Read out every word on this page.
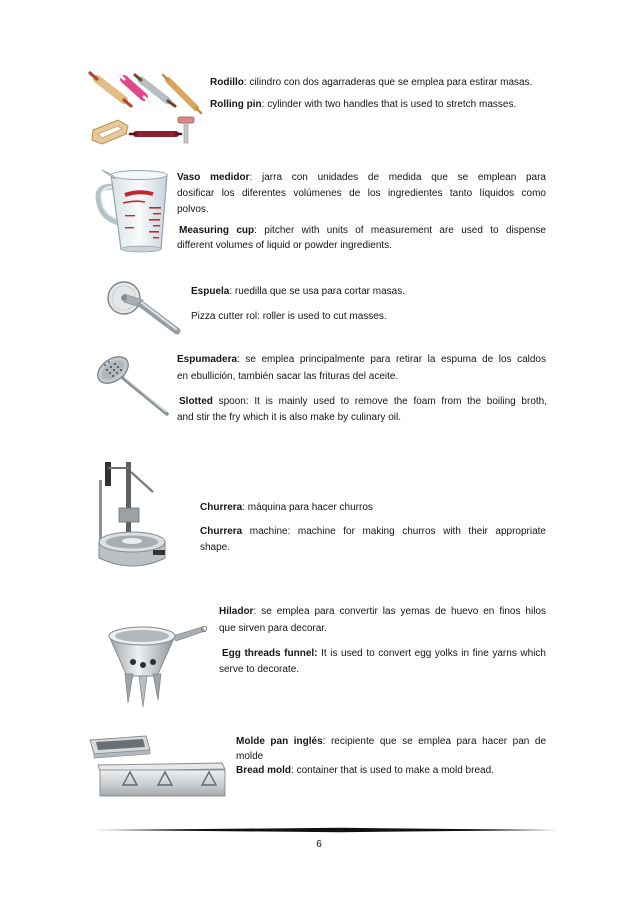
Rodillo: cilindro con dos agarraderas que se emplea para estirar masas.
Rolling pin: cylinder with two handles that is used to stretch masses.
Vaso medidor: jarra con unidades de medida que se emplean para
dosificar los diferentes volúmenes de los ingredientes tanto líquidos como
polvos.
Measuring cup: pitcher with units of measurement are used to dispense
different volumes of liquid or powder ingredients.
Espuela: ruedilla que se usa para cortar masas.
Pizza cutter rol: roller is used to cut masses.
Espumadera: se emplea principalmente para retirar la espuma de los caldos
en ebullición, también sacar las frituras del aceite.
Slotted spoon: It is mainly used to remove the foam from the boiling broth,
and stir the fry which it is also make by culinary oil.
Churrera: máquina para hacer churros
Churrera machine: machine for making churros with their appropriate
shape.
Hilador: se emplea para convertir las yemas de huevo en finos hilos
que sirven para decorar.
Egg threads funnel: It is used to convert egg yolks in fine yarns which
serve to decorate.
Molde pan inglés: recipiente que se emplea para hacer pan de
molde
Bread mold: container that is used to make a mold bread.
6
